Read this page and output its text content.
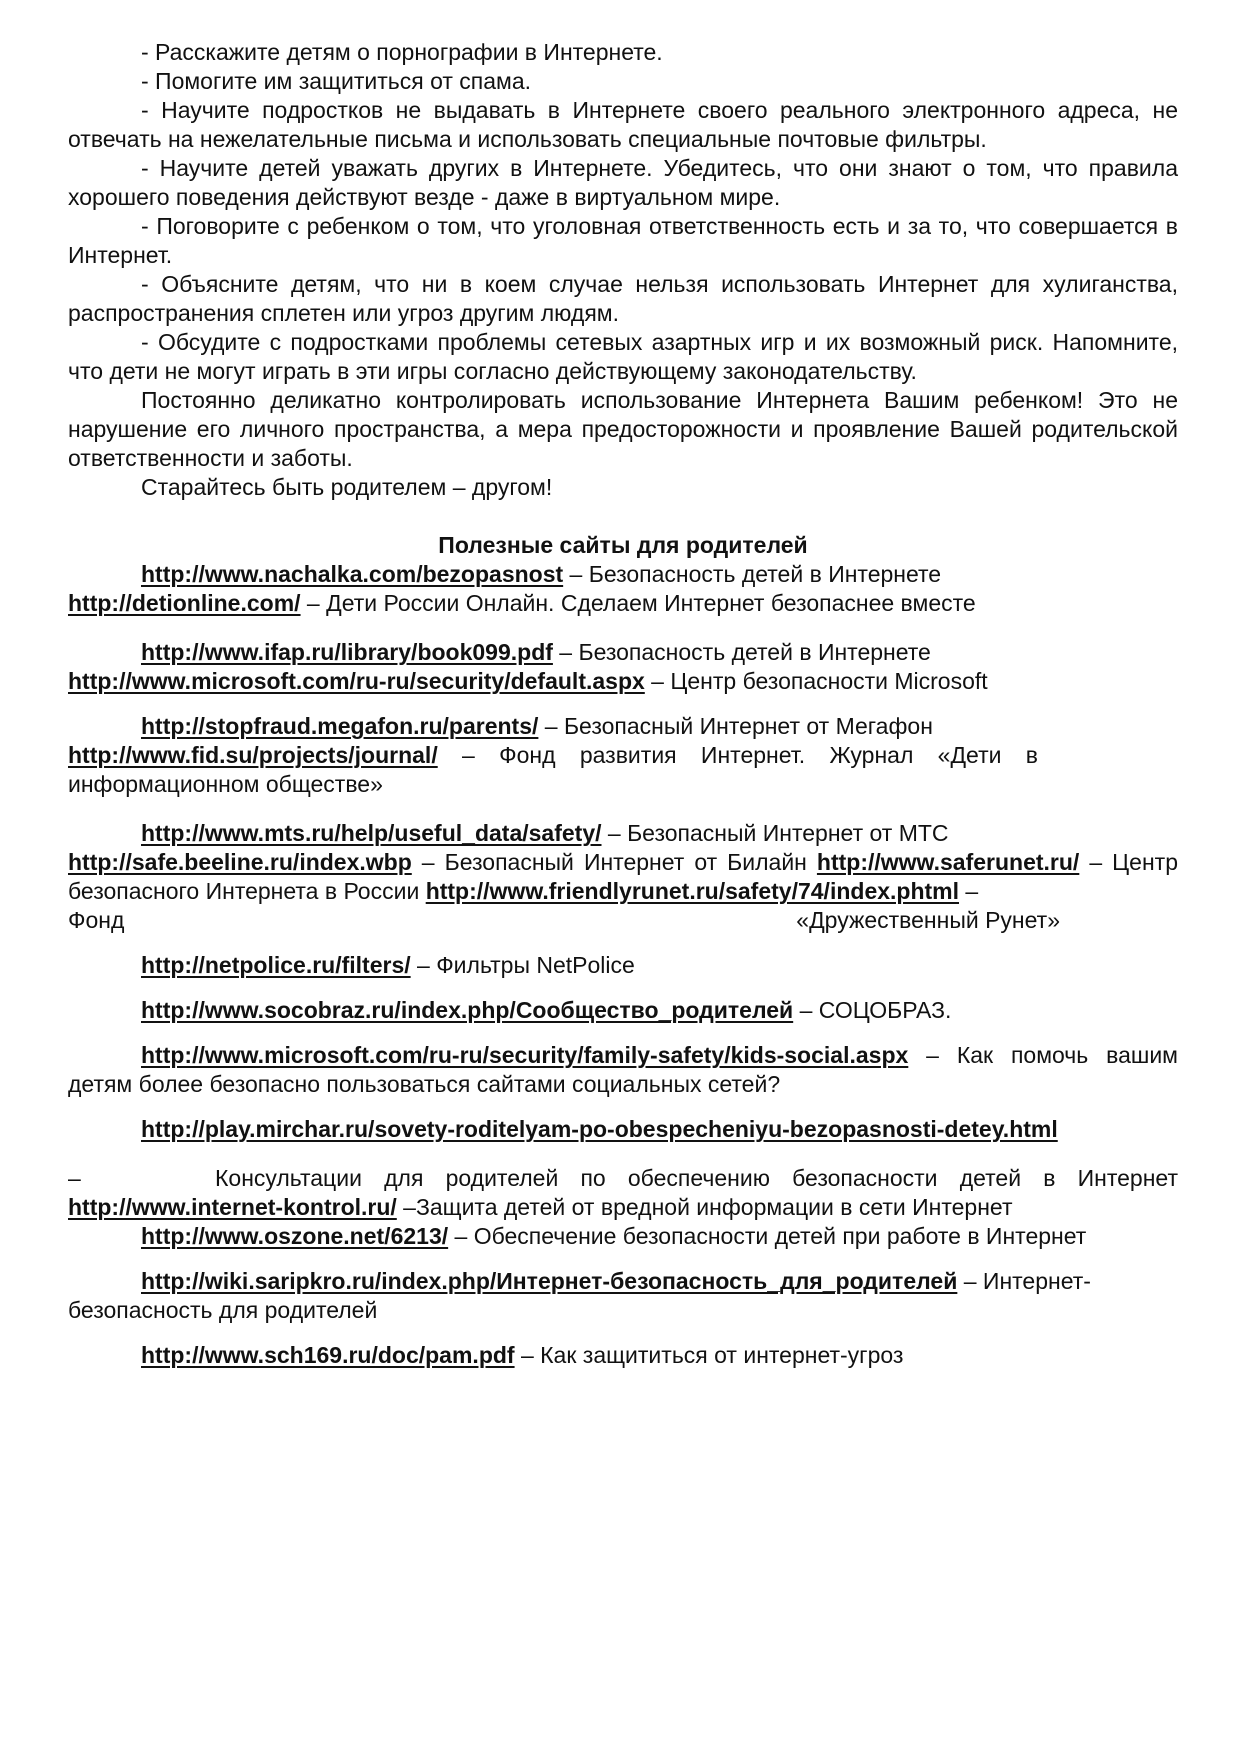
- Расскажите детям о порнографии в Интернете.

- Помогите им защититься от спама.

- Научите подростков не выдавать в Интернете своего реального электронного адреса, не отвечать на нежелательные письма и использовать специальные почтовые фильтры.

- Научите детей уважать других в Интернете. Убедитесь, что они знают о том, что правила хорошего поведения действуют везде - даже в виртуальном мире.

- Поговорите с ребенком о том, что уголовная ответственность есть и за то, что совершается в Интернет.

- Объясните детям, что ни в коем случае нельзя использовать Интернет для хулиганства, распространения сплетен или угроз другим людям.

- Обсудите с подростками проблемы сетевых азартных игр и их возможный риск. Напомните, что дети не могут играть в эти игры согласно действующему законодательству.

Постоянно деликатно контролировать использование Интернета Вашим ребенком! Это не нарушение его личного пространства, а мера предосторожности и проявление Вашей родительской ответственности и заботы.

Старайтесь быть родителем – другом!

Полезные сайты для родителей

http://www.nachalka.com/bezopasnost – Безопасность детей в Интернете

http://detionline.com/ – Дети России Онлайн. Сделаем Интернет безопаснее вместе

http://www.ifap.ru/library/book099.pdf – Безопасность детей в Интернете

http://www.microsoft.com/ru-ru/security/default.aspx – Центр безопасности Microsoft

http://stopfraud.megafon.ru/parents/ – Безопасный Интернет от Мегафон

http://www.fid.su/projects/journal/ – Фонд развития Интернет. Журнал «Дети в информационном обществе»

http://www.mts.ru/help/useful_data/safety/ – Безопасный Интернет от МТС

http://safe.beeline.ru/index.wbp – Безопасный Интернет от Билайн http://www.saferunet.ru/ – Центр безопасного Интернета в России http://www.friendlyrunet.ru/safety/74/index.phtml –

Фонд	«Дружественный Рунет»

http://netpolice.ru/filters/ – Фильтры NetPolice

http://www.socobraz.ru/index.php/Сообщество_родителей – СОЦОБРАЗ.

http://www.microsoft.com/ru-ru/security/family-safety/kids-social.aspx – Как помочь вашим детям более безопасно пользоваться сайтами социальных сетей?

http://play.mirchar.ru/sovety-roditelyam-po-obespecheniyu-bezopasnosti-detey.html

–	Консультации для родителей по обеспечению безопасности детей в Интернет

http://www.internet-kontrol.ru/ –Защита детей от вредной информации в сети Интернет

http://www.oszone.net/6213/ – Обеспечение безопасности детей при работе в Интернет

http://wiki.saripkro.ru/index.php/Интернет-безопасность_для_родителей – Интернет-безопасность для родителей

http://www.sch169.ru/doc/pam.pdf – Как защититься от интернет-угроз
